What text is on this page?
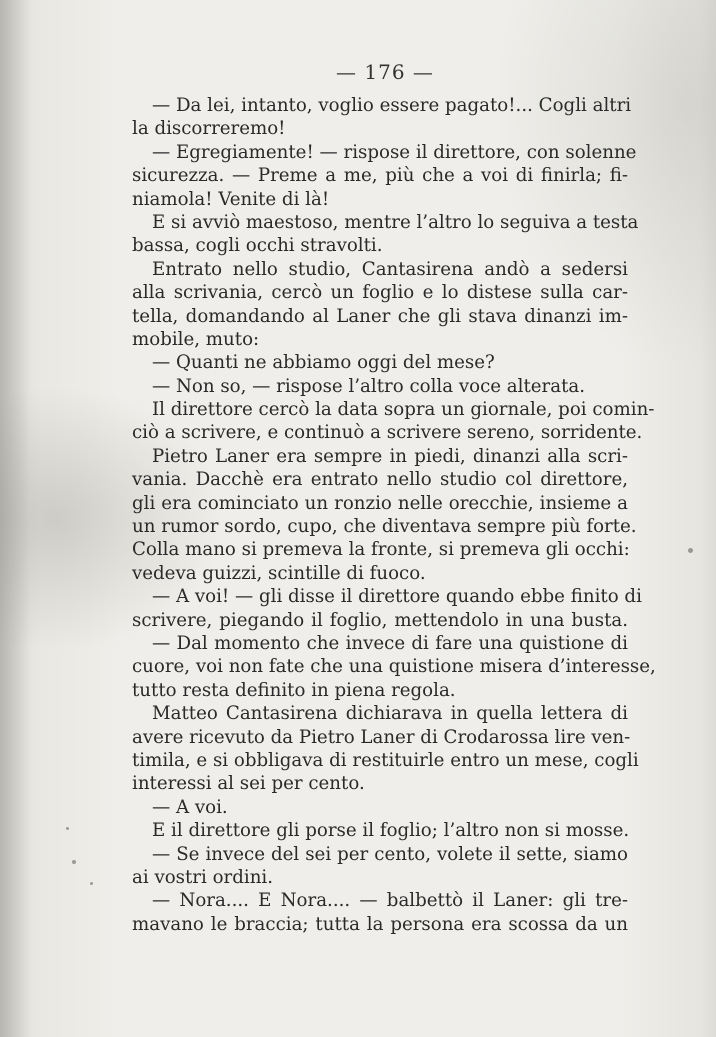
— 176 —
— Da lei, intanto, voglio essere pagato!... Cogli altri
la discorreremo!
— Egregiamente! — rispose il direttore, con solenne
sicurezza. — Preme a me, più che a voi di finirla; fi-
niamola! Venite di là!
E si avviò maestoso, mentre l’altro lo seguiva a testa
bassa, cogli occhi stravolti.
Entrato nello studio, Cantasirena andò a sedersi
alla scrivania, cercò un foglio e lo distese sulla car-
tella, domandando al Laner che gli stava dinanzi im-
mobile, muto:
— Quanti ne abbiamo oggi del mese?
— Non so, — rispose l’altro colla voce alterata.
Il direttore cercò la data sopra un giornale, poi comin-
ciò a scrivere, e continuò a scrivere sereno, sorridente.
Pietro Laner era sempre in piedi, dinanzi alla scri-
vania. Dacchè era entrato nello studio col direttore,
gli era cominciato un ronzio nelle orecchie, insieme a
un rumor sordo, cupo, che diventava sempre più forte.
Colla mano si premeva la fronte, si premeva gli occhi:
vedeva guizzi, scintille di fuoco.
— A voi! — gli disse il direttore quando ebbe finito di
scrivere, piegando il foglio, mettendolo in una busta.
— Dal momento che invece di fare una quistione di
cuore, voi non fate che una quistione misera d’interesse,
tutto resta definito in piena regola.
Matteo Cantasirena dichiarava in quella lettera di
avere ricevuto da Pietro Laner di Crodarossa lire ven-
timila, e si obbligava di restituirle entro un mese, cogli
interessi al sei per cento.
— A voi.
E il direttore gli porse il foglio; l’altro non si mosse.
— Se invece del sei per cento, volete il sette, siamo
ai vostri ordini.
— Nora.... E Nora.... — balbettò il Laner: gli tre-
mavano le braccia; tutta la persona era scossa da un
